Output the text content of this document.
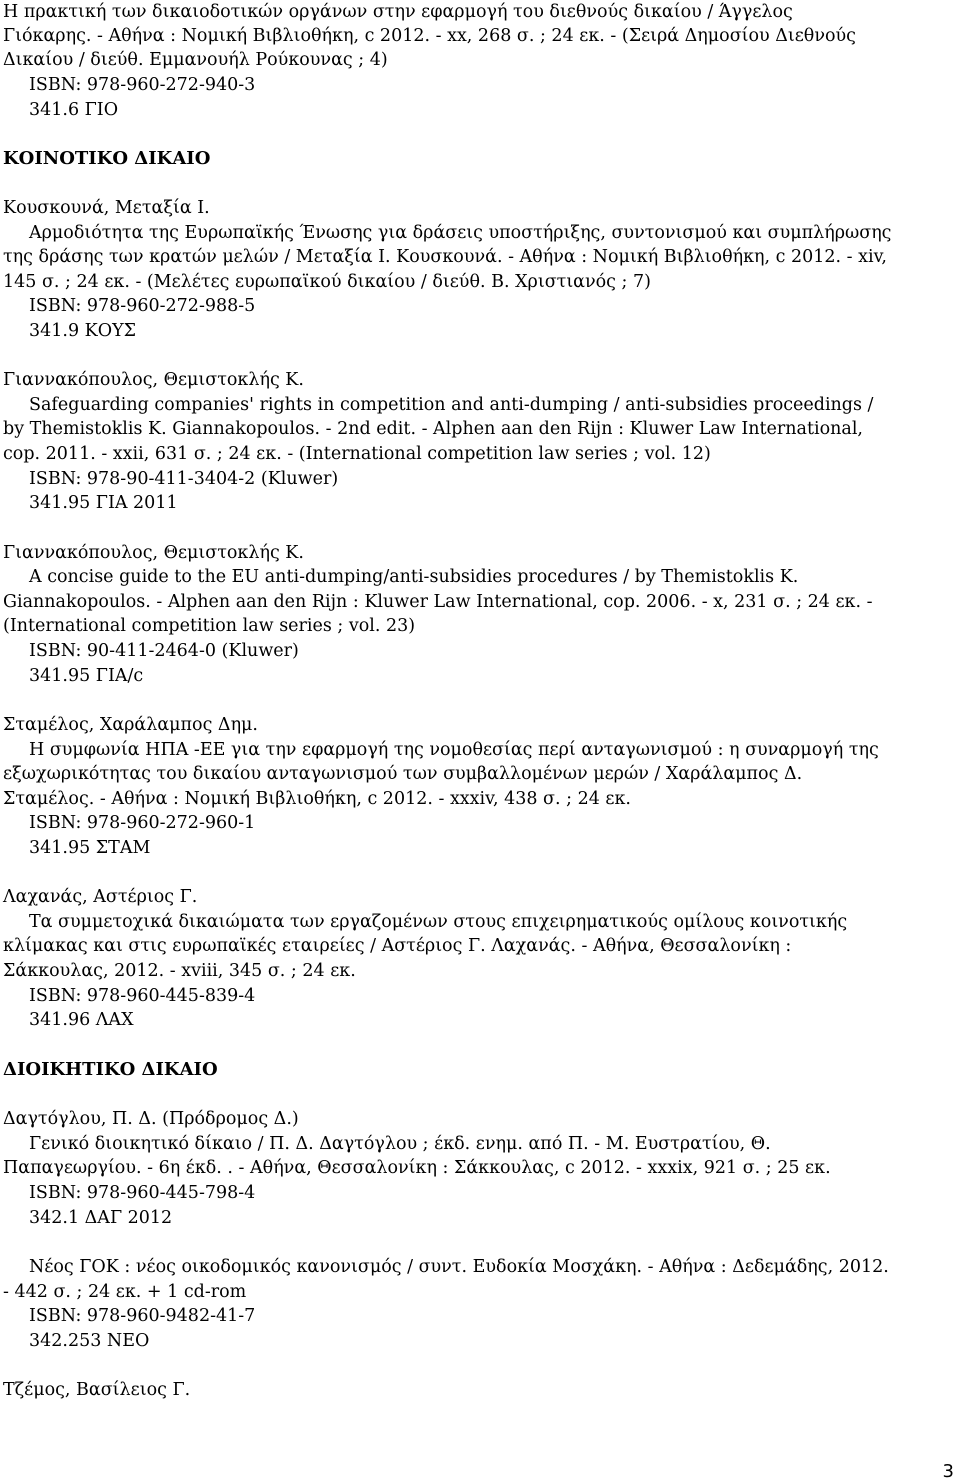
Η πρακτική των δικαιοδοτικών οργάνων στην εφαρμογή του διεθνούς δικαίου / Άγγελος
Γιόκαρης. - Αθήνα : Νομική Βιβλιοθήκη, c 2012. - xx, 268 σ. ; 24 εκ. - (Σειρά Δημοσίου Διεθνούς
Δικαίου / διεύθ. Εμμανουήλ Ρούκουνας ; 4)
ISBN: 978-960-272-940-3
341.6 ΓΙΟ
ΚΟΙΝΟΤΙΚΟ ΔΙΚΑΙΟ
Κουσκουνά, Μεταξία Ι.
Αρμοδιότητα της Ευρωπαϊκής Ένωσης για δράσεις υποστήριξης, συντονισμού και συμπλήρωσης
της δράσης των κρατών μελών / Μεταξία Ι. Κουσκουνά. - Αθήνα : Νομική Βιβλιοθήκη, c 2012. - xiv,
145 σ. ; 24 εκ. - (Μελέτες ευρωπαϊκού δικαίου / διεύθ. Β. Χριστιανός ; 7)
ISBN: 978-960-272-988-5
341.9 ΚΟΥΣ
Γιαννακόπουλος, Θεμιστοκλής Κ.
Safeguarding companies' rights in competition and anti-dumping / anti-subsidies proceedings /
by Themistoklis K. Giannakopoulos. - 2nd edit. - Alphen aan den Rijn : Kluwer Law International,
cop. 2011. - xxii, 631 σ. ; 24 εκ. - (International competition law series ; vol. 12)
ISBN: 978-90-411-3404-2 (Kluwer)
341.95 ΓΙΑ 2011
Γιαννακόπουλος, Θεμιστοκλής Κ.
A concise guide to the EU anti-dumping/anti-subsidies procedures / by Themistoklis K.
Giannakopoulos. - Alphen aan den Rijn : Kluwer Law International, cop. 2006. - x, 231 σ. ; 24 εκ. -
(International competition law series ; vol. 23)
ISBN: 90-411-2464-0 (Kluwer)
341.95 ΓΙΑ/c
Σταμέλος, Χαράλαμπος Δημ.
Η συμφωνία ΗΠΑ -ΕΕ για την εφαρμογή της νομοθεσίας περί ανταγωνισμού : η συναρμογή της
εξωχωρικότητας του δικαίου ανταγωνισμού των συμβαλλομένων μερών / Χαράλαμπος Δ.
Σταμέλος. - Αθήνα : Νομική Βιβλιοθήκη, c 2012. - xxxiv, 438 σ. ; 24 εκ.
ISBN: 978-960-272-960-1
341.95 ΣΤΑΜ
Λαχανάς, Αστέριος Γ.
Τα συμμετοχικά δικαιώματα των εργαζομένων στους επιχειρηματικούς ομίλους κοινοτικής
κλίμακας και στις ευρωπαϊκές εταιρείες / Αστέριος Γ. Λαχανάς. - Αθήνα, Θεσσαλονίκη :
Σάκκουλας, 2012. - xviii, 345 σ. ; 24 εκ.
ISBN: 978-960-445-839-4
341.96 ΛΑΧ
ΔΙΟΙΚΗΤΙΚΟ ΔΙΚΑΙΟ
Δαγτόγλου, Π. Δ. (Πρόδρομος Δ.)
Γενικό διοικητικό δίκαιο / Π. Δ. Δαγτόγλου ; έκδ. ενημ. από Π. - Μ. Ευστρατίου, Θ.
Παπαγεωργίου. - 6η έκδ. . - Αθήνα, Θεσσαλονίκη : Σάκκουλας, c 2012. - xxxix, 921 σ. ; 25 εκ.
ISBN: 978-960-445-798-4
342.1 ΔΑΓ 2012
Νέος ΓΟΚ : νέος οικοδομικός κανονισμός / συντ. Ευδοκία Μοσχάκη. - Αθήνα : Δεδεμάδης, 2012.
- 442 σ. ; 24 εκ. + 1 cd-rom
ISBN: 978-960-9482-41-7
342.253 ΝΕΟ
Τζέμος, Βασίλειος Γ.
3
